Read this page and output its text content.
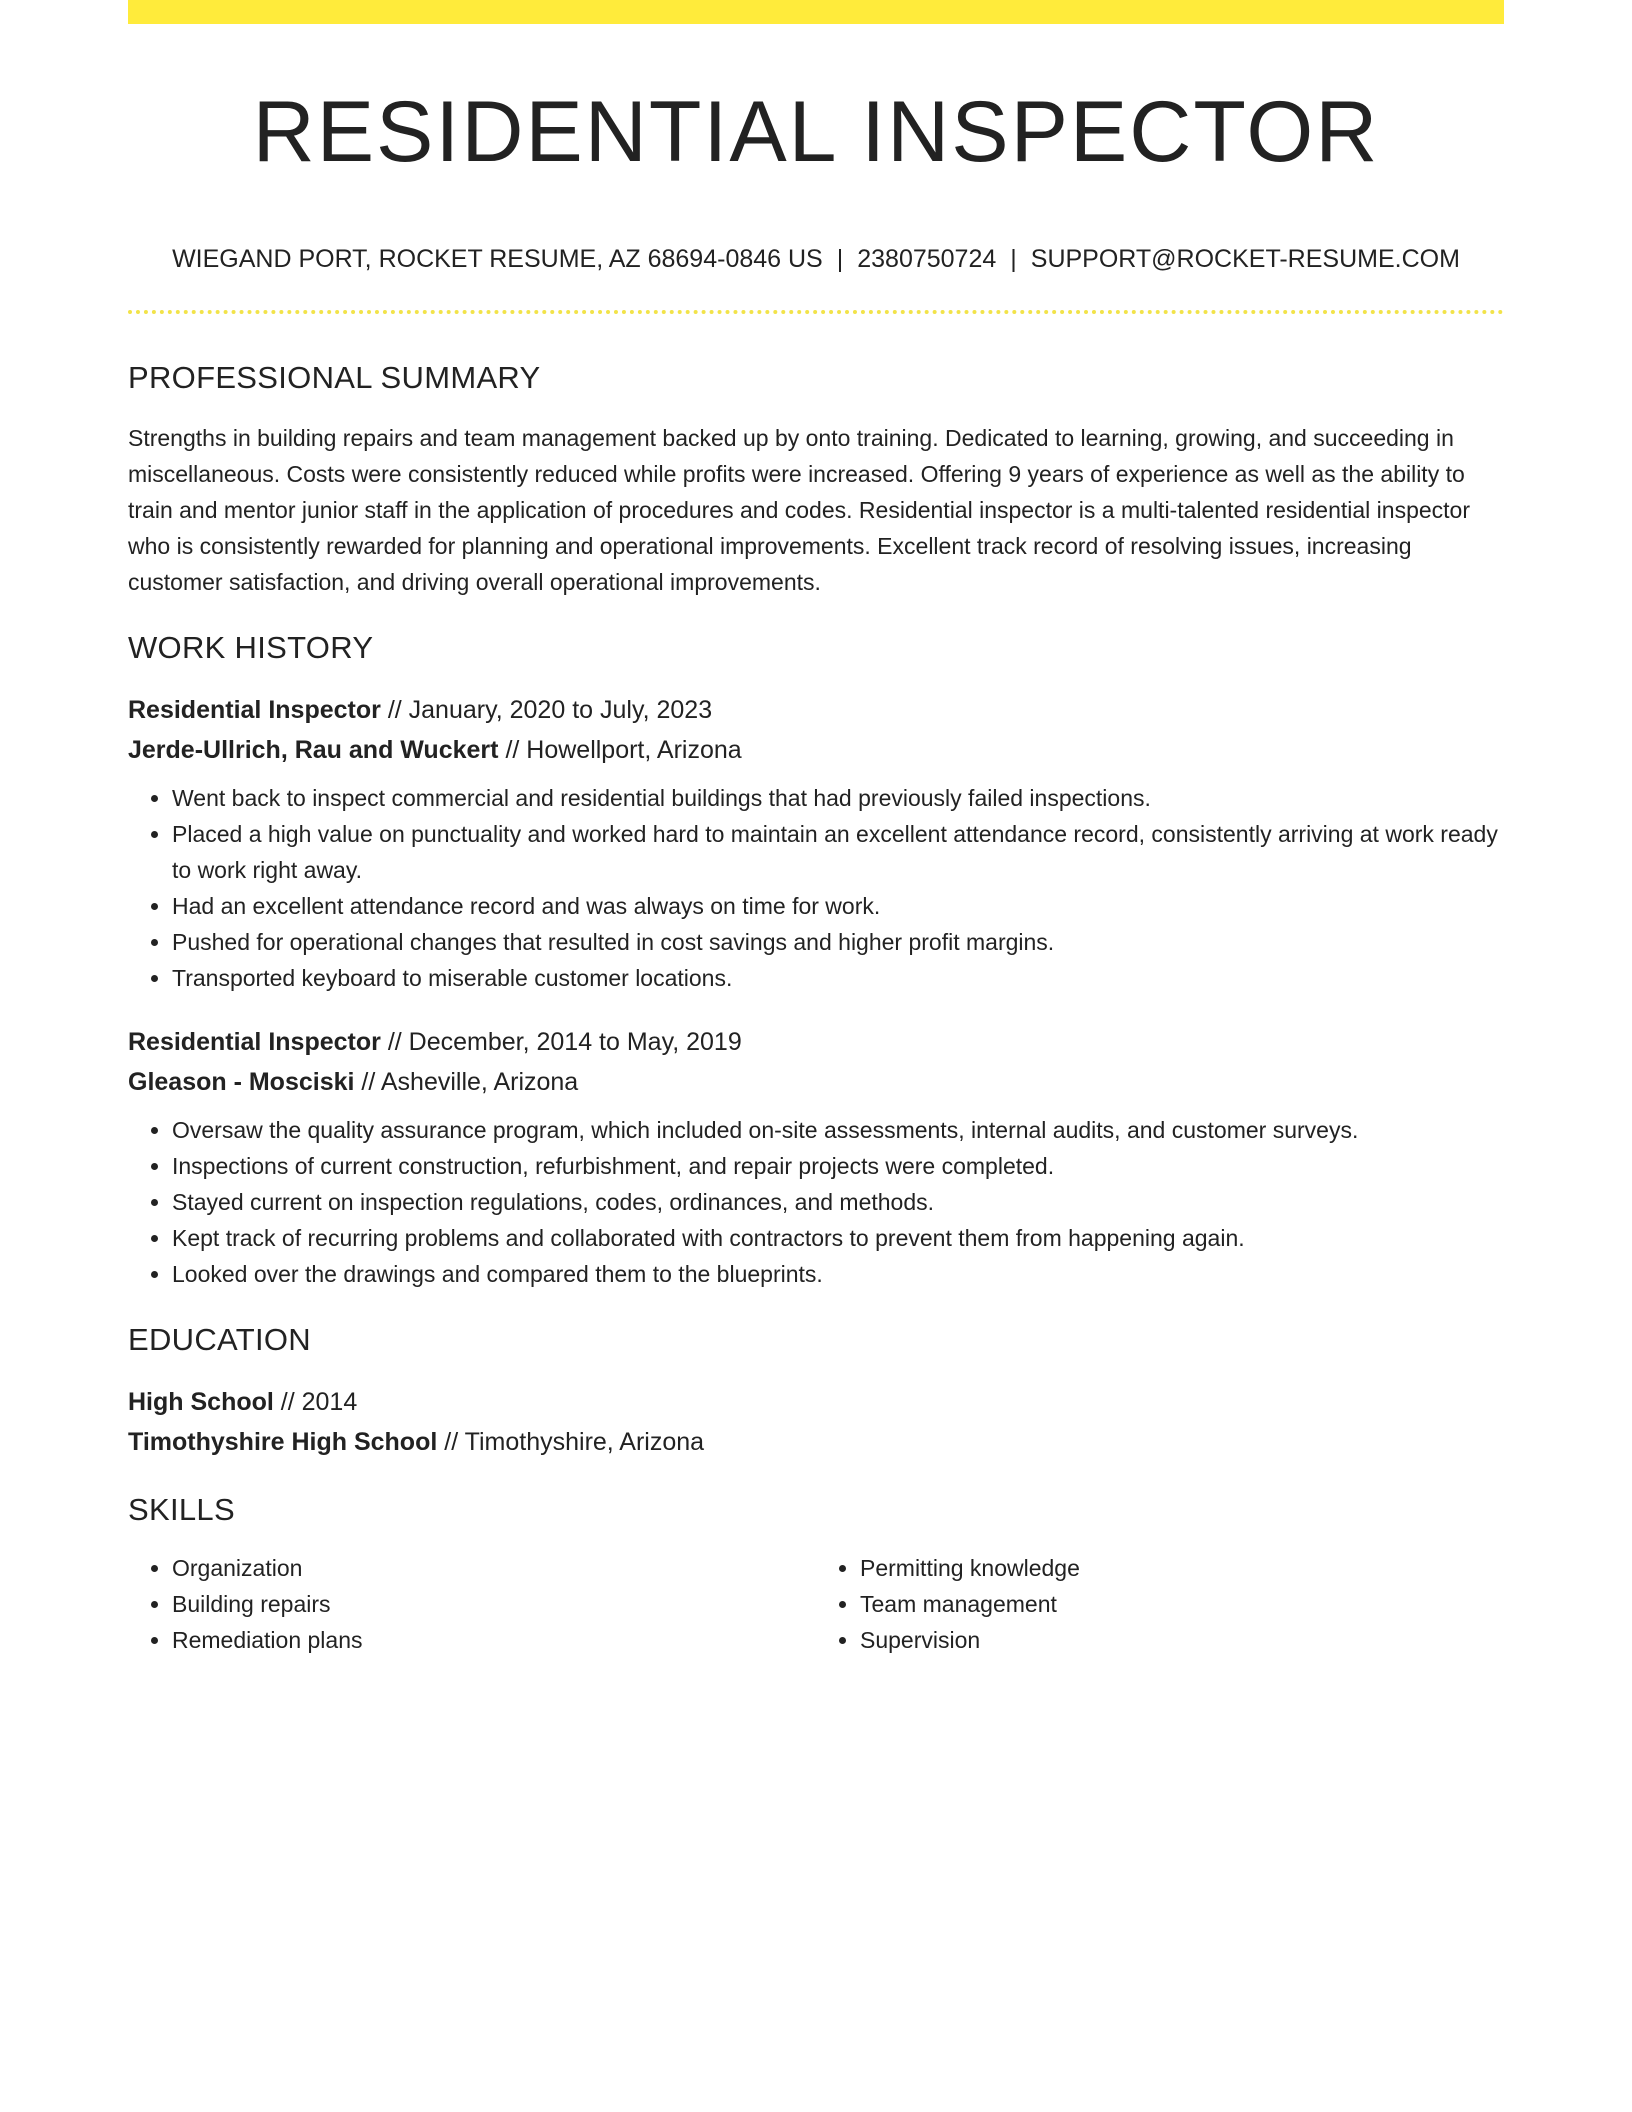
RESIDENTIAL INSPECTOR
WIEGAND PORT, ROCKET RESUME, AZ 68694-0846 US | 2380750724 | SUPPORT@ROCKET-RESUME.COM
PROFESSIONAL SUMMARY

Strengths in building repairs and team management backed up by onto training. Dedicated to learning, growing, and succeeding in miscellaneous. Costs were consistently reduced while profits were increased. Offering 9 years of experience as well as the ability to train and mentor junior staff in the application of procedures and codes. Residential inspector is a multi-talented residential inspector who is consistently rewarded for planning and operational improvements. Excellent track record of resolving issues, increasing customer satisfaction, and driving overall operational improvements.

WORK HISTORY

Residential Inspector // January, 2020 to July, 2023

Jerde-Ullrich, Rau and Wuckert // Howellport, Arizona

• Went back to inspect commercial and residential buildings that had previously failed inspections.
• Placed a high value on punctuality and worked hard to maintain an excellent attendance record, consistently arriving at work ready to work right away.
• Had an excellent attendance record and was always on time for work.
• Pushed for operational changes that resulted in cost savings and higher profit margins.
• Transported keyboard to miserable customer locations.

Residential Inspector // December, 2014 to May, 2019

Gleason - Mosciski // Asheville, Arizona

• Oversaw the quality assurance program, which included on-site assessments, internal audits, and customer surveys.
• Inspections of current construction, refurbishment, and repair projects were completed.
• Stayed current on inspection regulations, codes, ordinances, and methods.
• Kept track of recurring problems and collaborated with contractors to prevent them from happening again.
• Looked over the drawings and compared them to the blueprints.
EDUCATION

High School // 2014

Timothyshire High School // Timothyshire, Arizona

SKILLS
• Organization
• Building repairs
• Remediation plans
• Permitting knowledge
• Team management
• Supervision
